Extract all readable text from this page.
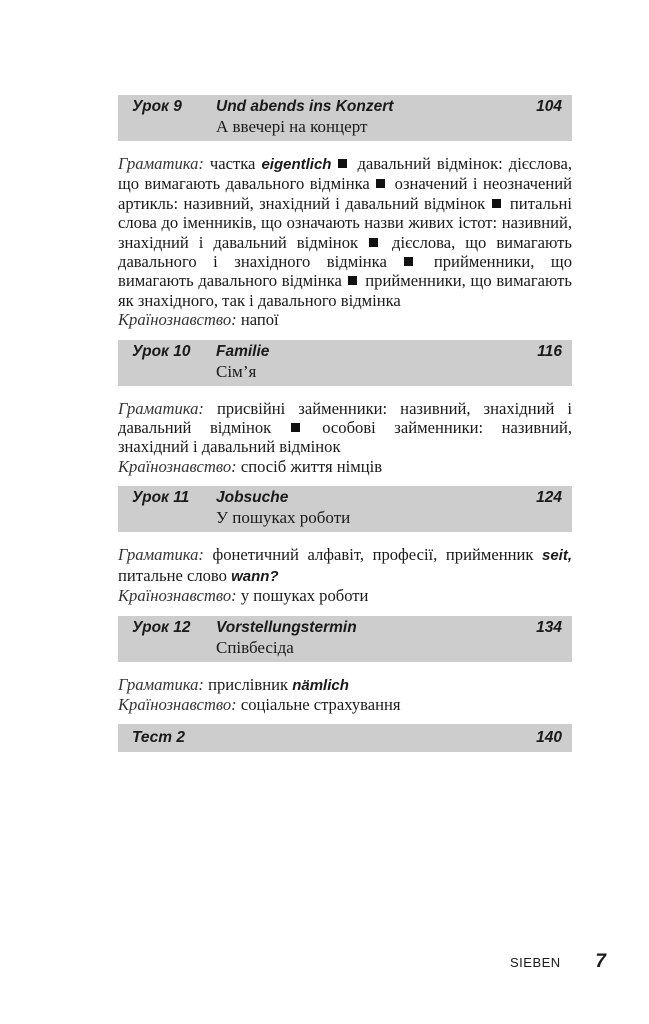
Урок 9	Und abends ins Konzert	104
А ввечері на концерт

Граматика: частка eigentlich  давальний відмінок: дієслова, що вимагають давального відмінка  означений і неозначений артикль: називний, знахідний і давальний відмінок  питальні слова до іменників, що означають назви живих істот: називний, знахідний і давальний відмінок  дієслова, що вимагають давального і знахідного відмінка  прийменники, що вимагають давального відмінка  прийменники, що вимагають як знахідного, так і давального відмінка

Країнознавство: напої

Урок 10	Familie	116
Сім’я

Граматика: присвійні займенники: називний, знахідний і давальний відмінок  особові займенники: називний, знахідний і давальний відмінок

Країнознавство: спосіб життя німців

Урок 11	Jobsuche	124
У пошуках роботи

Граматика: фонетичний алфавіт, професії, прийменник seit, питальне слово wann?

Країнознавство: у пошуках роботи

Урок 12	Vorstellungstermin	134
Співбесіда

Граматика: прислівник nämlich

Країнознавство: соціальне страхування

Тест 2	140
SIEBEN 7
